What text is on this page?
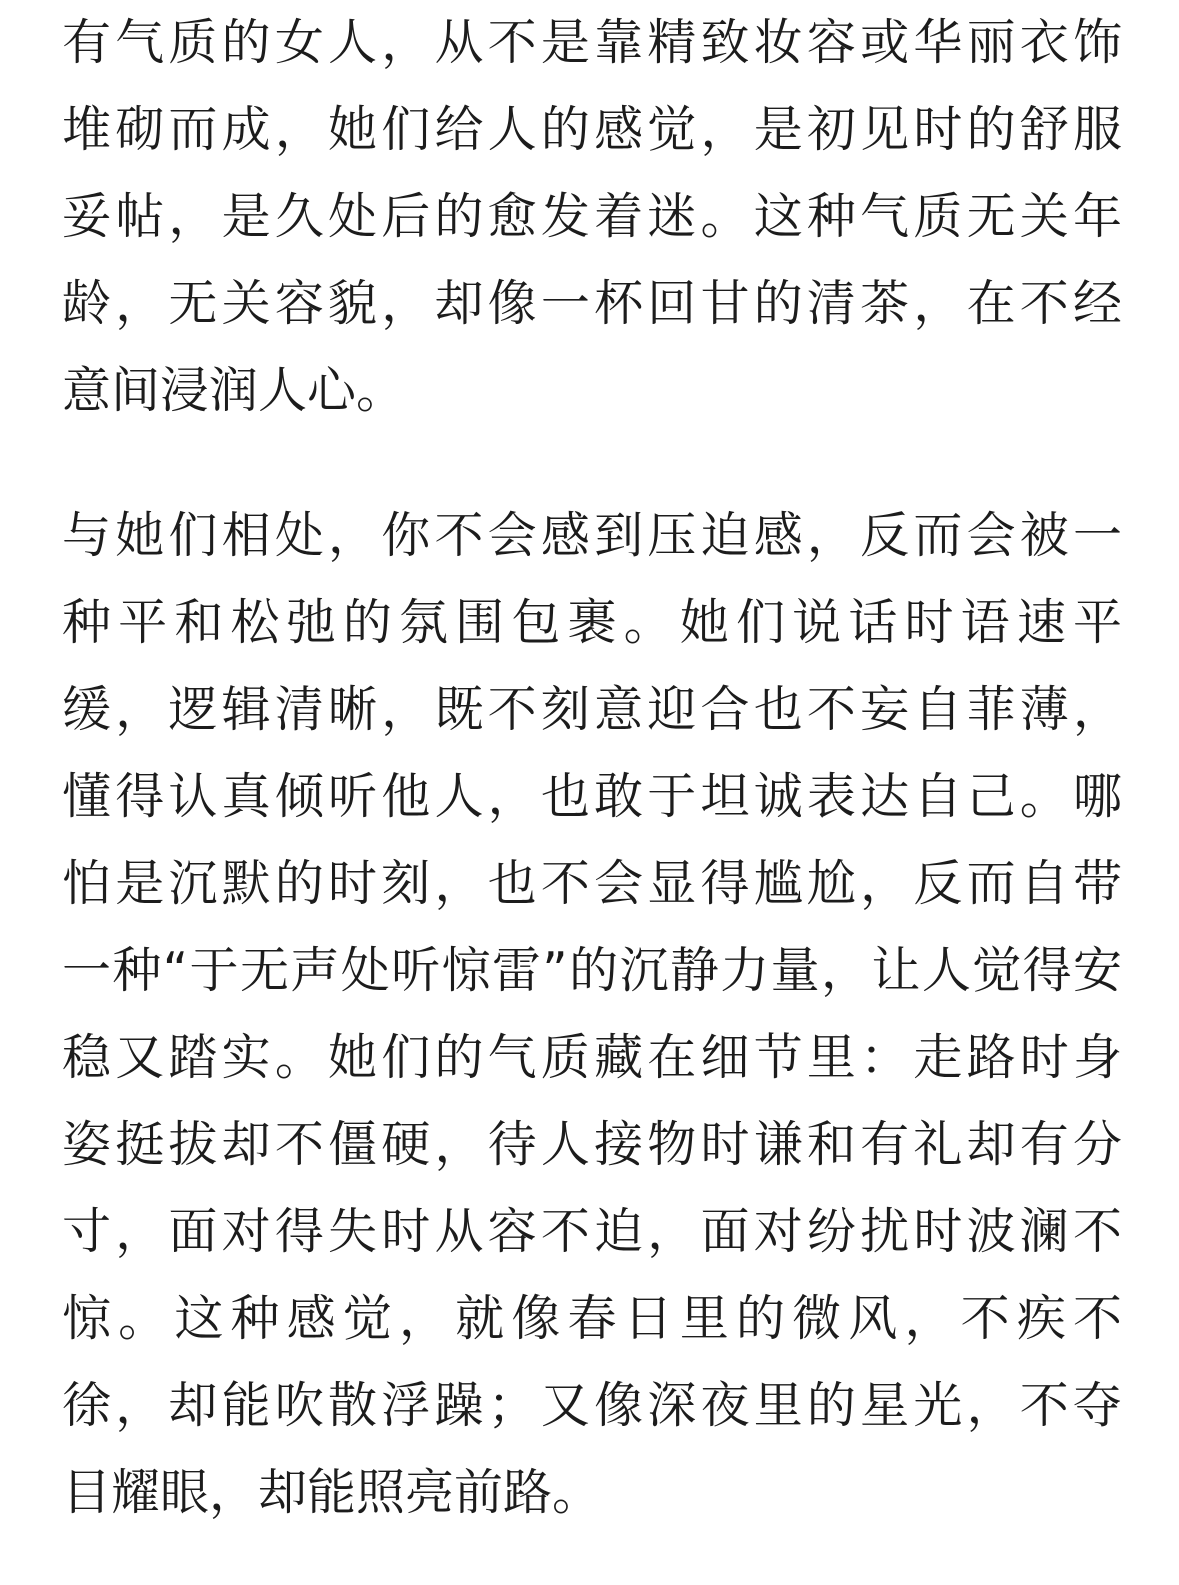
有气质的女人，从不是靠精致妆容或华丽衣饰
堆砌而成，她们给人的感觉，是初见时的舒服
妥帖，是久处后的愈发着迷。这种气质无关年
龄，无关容貌，却像一杯回甘的清茶，在不经
意间浸润人心。
与她们相处，你不会感到压迫感，反而会被一
种平和松弛的氛围包裹。她们说话时语速平
缓，逻辑清晰，既不刻意迎合也不妄自菲薄，
懂得认真倾听他人，也敢于坦诚表达自己。哪
怕是沉默的时刻，也不会显得尴尬，反而自带
一种“于无声处听惊雷”的沉静力量，让人觉得安
稳又踏实。她们的气质藏在细节里：走路时身
姿挺拔却不僵硬，待人接物时谦和有礼却有分
寸，面对得失时从容不迫，面对纷扰时波澜不
惊。这种感觉，就像春日里的微风，不疾不
徐，却能吹散浮躁；又像深夜里的星光，不夺
目耀眼，却能照亮前路。
